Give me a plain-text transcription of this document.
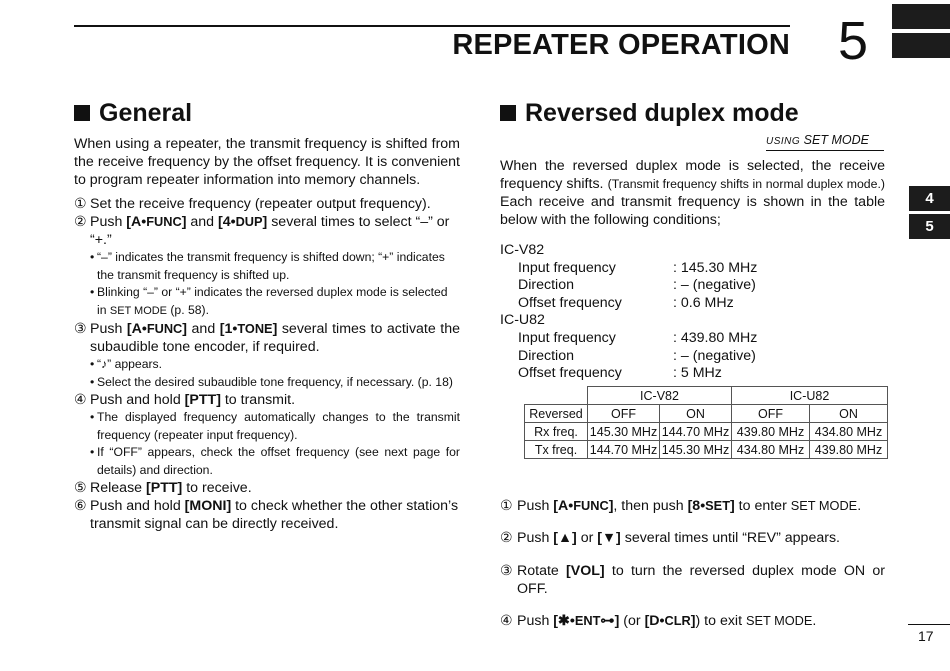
REPEATER OPERATION 5
4
5
General

When using a repeater, the transmit frequency is shifted from the receive frequency by the offset frequency. It is convenient to program repeater information into memory channels.

① Set the receive frequency (repeater output frequency).

② Push [A•FUNC] and [4•DUP] several times to select “–” or “+.”

• “–” indicates the transmit frequency is shifted down; “+” indicates the transmit frequency is shifted up.

• Blinking “–” or “+” indicates the reversed duplex mode is selected in SET MODE (p. 58).

③ Push [A•FUNC] and [1•TONE] several times to activate the subaudible tone encoder, if required.

• “♪” appears.

• Select the desired subaudible tone frequency, if necessary. (p. 18)

④ Push and hold [PTT] to transmit.

• The displayed frequency automatically changes to the transmit frequency (repeater input frequency).

• If “OFF” appears, check the offset frequency (see next page for details) and direction.

⑤ Release [PTT] to receive.

⑥ Push and hold [MONI] to check whether the other station’s transmit signal can be directly received.

Reversed duplex mode
USING SET MODE

When the reversed duplex mode is selected, the receive frequency shifts. (Transmit frequency shifts in normal duplex mode.) Each receive and transmit frequency is shown in the table below with the following conditions;

IC-V82
Input frequency	: 145.30 MHz
Direction	: – (negative)
Offset frequency	: 0.6 MHz
IC-U82
Input frequency	: 439.80 MHz
Direction	: – (negative)
Offset frequency	: 5 MHz
	IC-V82		IC-U82	
Reversed	OFF	ON	OFF	ON
Rx freq.	145.30 MHz	144.70 MHz	439.80 MHz	434.80 MHz
Tx freq.	144.70 MHz	145.30 MHz	434.80 MHz	439.80 MHz

① Push [A•FUNC], then push [8•SET] to enter SET MODE.

② Push [▲] or [▼] several times until “REV” appears.

③ Rotate [VOL] to turn the reversed duplex mode ON or OFF.

④ Push [✱•ENT⊶] (or [D•CLR]) to exit SET MODE.

17
